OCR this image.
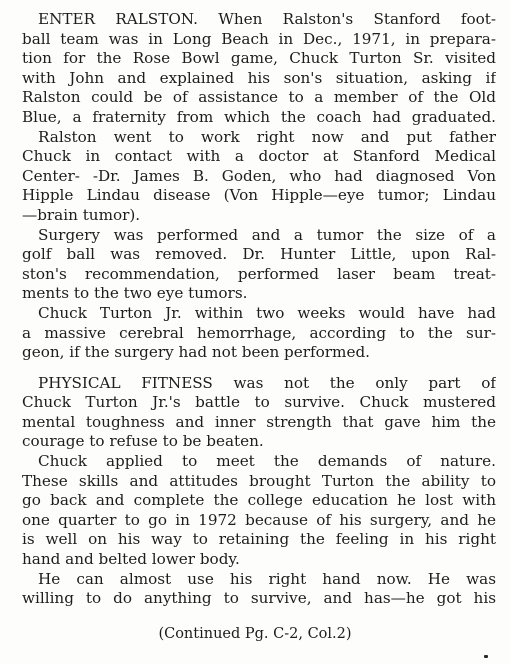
ENTER RALSTON. When Ralston's Stanford foot-
ball team was in Long Beach in Dec., 1971, in prepara-
tion for the Rose Bowl game, Chuck Turton Sr. visited
with John and explained his son's situation, asking if
Ralston could be of assistance to a member of the Old
Blue, a fraternity from which the coach had graduated.
Ralston went to work right now and put father
Chuck in contact with a doctor at Stanford Medical
Center- -Dr. James B. Goden, who had diagnosed Von
Hipple Lindau disease (Von Hipple—eye tumor; Lindau
—brain tumor).
Surgery was performed and a tumor the size of a
golf ball was removed. Dr. Hunter Little, upon Ral-
ston's recommendation, performed laser beam treat-
ments to the two eye tumors.
Chuck Turton Jr. within two weeks would have had
a massive cerebral hemorrhage, according to the sur-
geon, if the surgery had not been performed.
PHYSICAL FITNESS was not the only part of
Chuck Turton Jr.'s battle to survive. Chuck mustered
mental toughness and inner strength that gave him the
courage to refuse to be beaten.
Chuck applied to meet the demands of nature.
These skills and attitudes brought Turton the ability to
go back and complete the college education he lost with
one quarter to go in 1972 because of his surgery, and he
is well on his way to retaining the feeling in his right
hand and belted lower body.
He can almost use his right hand now. He was
willing to do anything to survive, and has—he got his
(Continued Pg. C-2, Col.2)
